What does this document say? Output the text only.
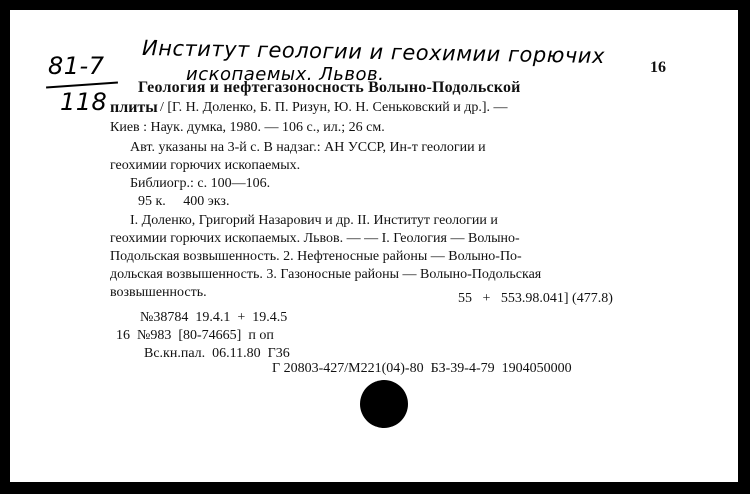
81-7
118
Институт геологии и геохимии горючих
ископаемых. Львов.	16
Геология и нефтегазоносность Волыно-Подольской
плиты / [Г. Н. Доленко, Б. П. Ризун, Ю. Н. Сеньковский и др.]. —
Киев : Наук. думка, 1980. — 106 с., ил.; 26 см.
Авт. указаны на 3-й с. В надзаг.: АН УССР, Ин-т геологии и
геохимии горючих ископаемых.
Библиогр.: с. 100—106.
95 к.     400 экз.
I. Доленко, Григорий Назарович и др. II. Институт геологии и
геохимии горючих ископаемых. Львов. — — I. Геология — Волыно-
Подольская возвышенность. 2. Нефтеносные районы — Волыно-По-
дольская возвышенность. 3. Газоносные районы — Волыно-Подольская
возвышенность.	55   +   553.98.041] (477.8)
№38784  19.4.1  +  19.4.5
16  №983  [80-74665]  п оп
Вс.кн.пал.  06.11.80  Г36
Г 20803-427/М221(04)-80  БЗ-39-4-79  1904050000
